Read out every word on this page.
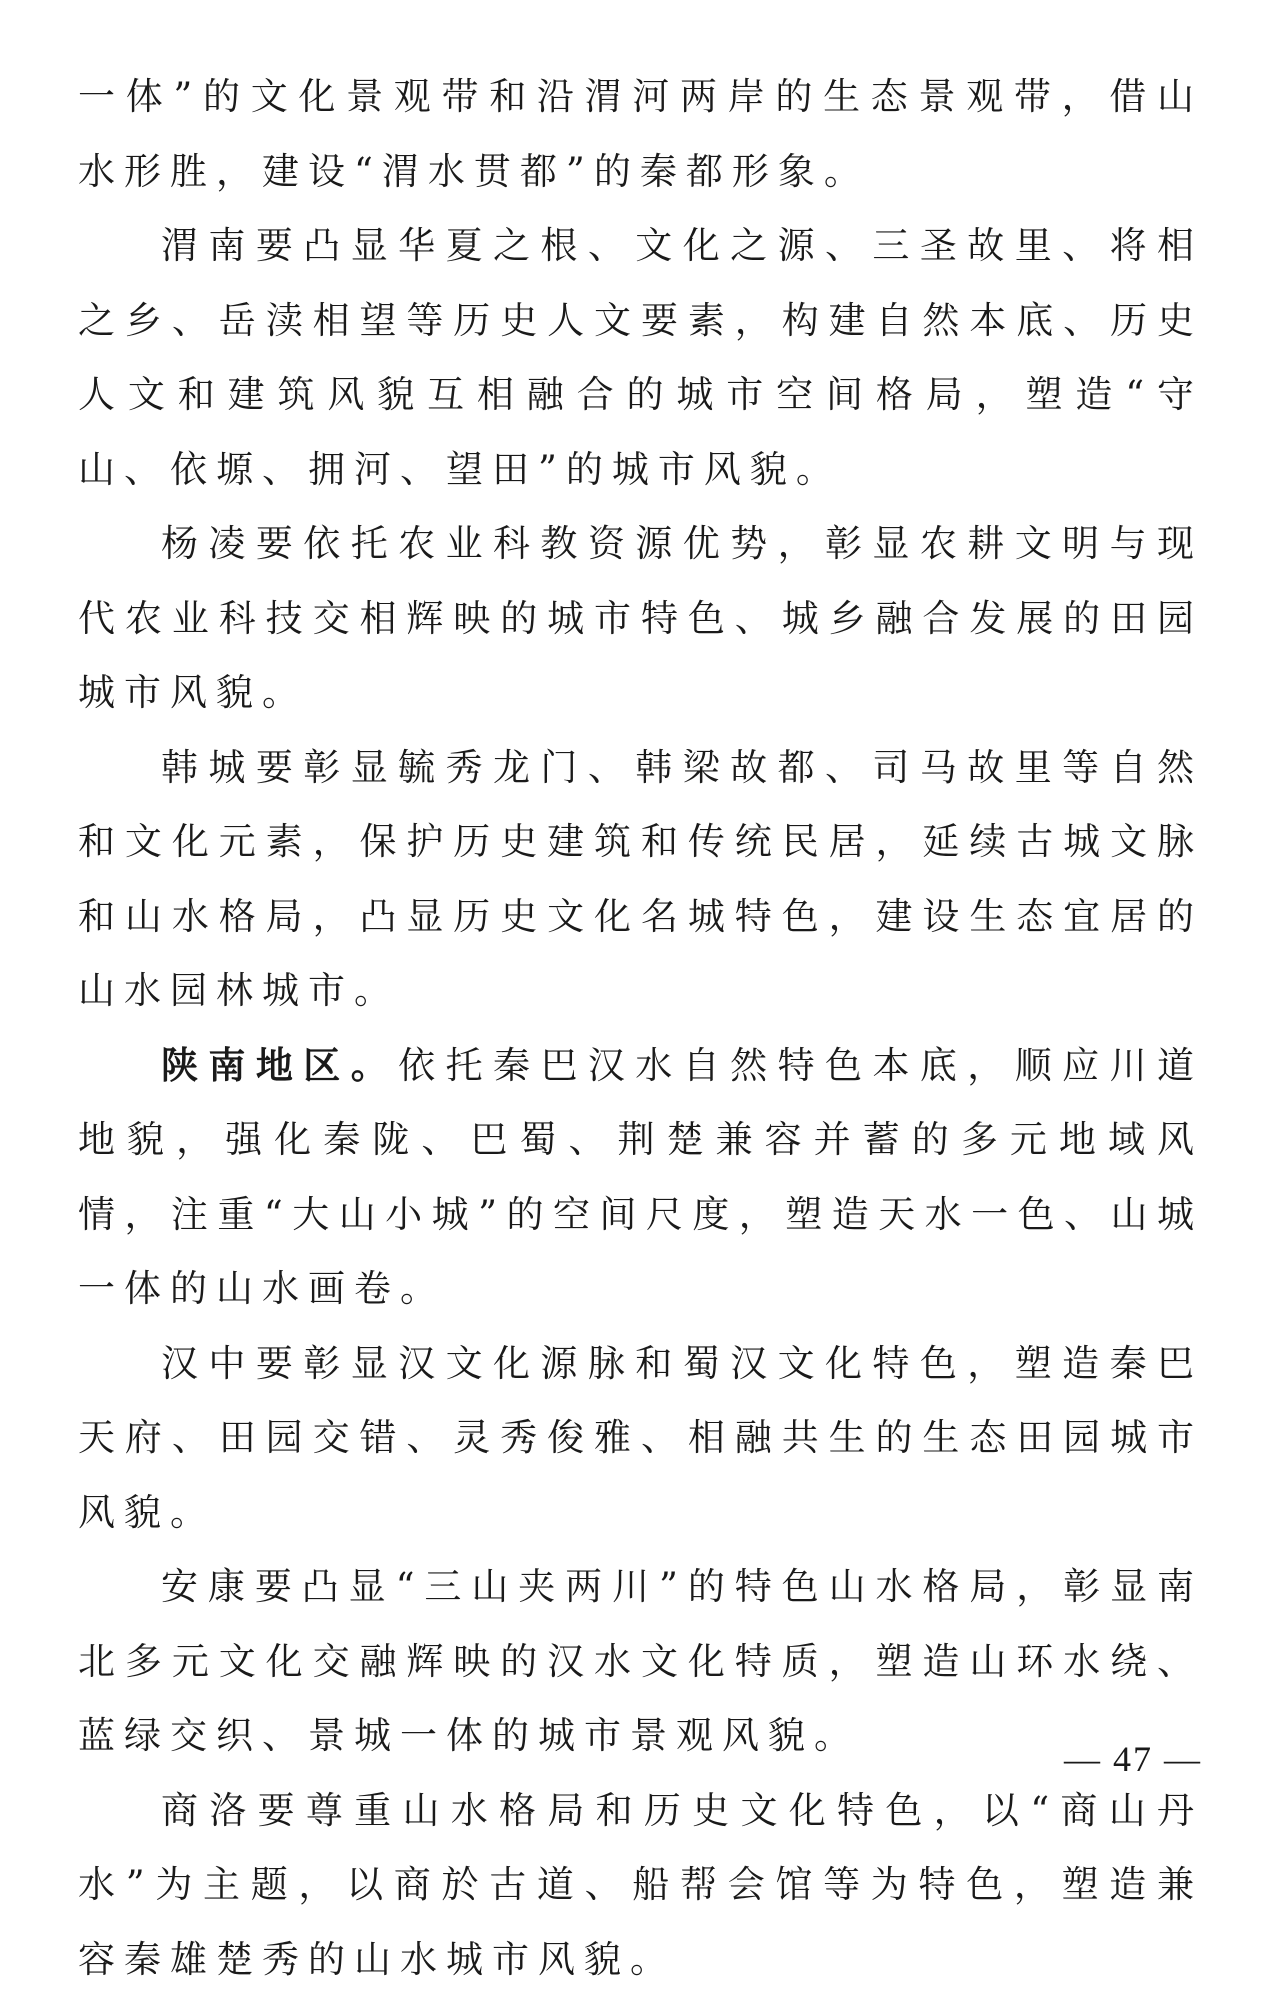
一体”的文化景观带和沿渭河两岸的生态景观带，借山水形胜，建设“渭水贯都”的秦都形象。

渭南要凸显华夏之根、文化之源、三圣故里、将相之乡、岳渎相望等历史人文要素，构建自然本底、历史人文和建筑风貌互相融合的城市空间格局，塑造“守山、依塬、拥河、望田”的城市风貌。

杨凌要依托农业科教资源优势，彰显农耕文明与现代农业科技交相辉映的城市特色、城乡融合发展的田园城市风貌。

韩城要彰显毓秀龙门、韩梁故都、司马故里等自然和文化元素，保护历史建筑和传统民居，延续古城文脉和山水格局，凸显历史文化名城特色，建设生态宜居的山水园林城市。

陕南地区。依托秦巴汉水自然特色本底，顺应川道地貌，强化秦陇、巴蜀、荆楚兼容并蓄的多元地域风情，注重“大山小城”的空间尺度，塑造天水一色、山城一体的山水画卷。

汉中要彰显汉文化源脉和蜀汉文化特色，塑造秦巴天府、田园交错、灵秀俊雅、相融共生的生态田园城市风貌。

安康要凸显“三山夹两川”的特色山水格局，彰显南北多元文化交融辉映的汉水文化特质，塑造山环水绕、蓝绿交织、景城一体的城市景观风貌。

商洛要尊重山水格局和历史文化特色，以“商山丹水”为主题，以商於古道、船帮会馆等为特色，塑造兼容秦雄楚秀的山水城市风貌。

— 47 —
